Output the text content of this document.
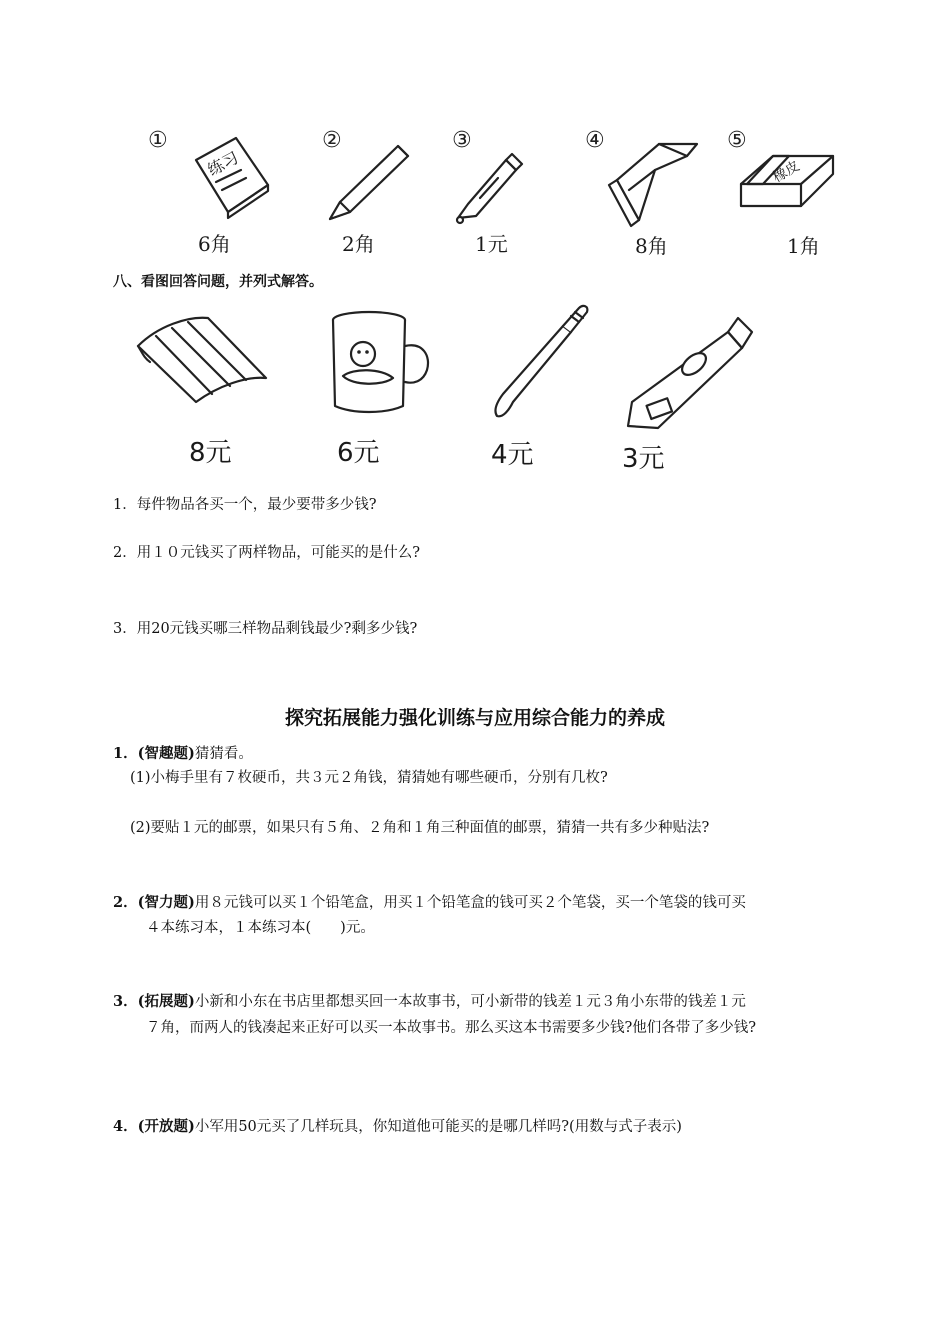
①
练习
6角
②
2角
③
1元
④
8角
⑤
橡皮
1角
八、看图回答问题，并列式解答。
8元	6元	4元	3元
1．每件物品各买一个，最少要带多少钱?
2．用１０元钱买了两样物品，可能买的是什么?
3．用20元钱买哪三样物品剩钱最少?剩多少钱?
探究拓展能力强化训练与应用综合能力的养成
1．(智趣题)猜猜看。
(1)小梅手里有７枚硬币，共３元２角钱，猜猜她有哪些硬币，分别有几枚?
(2)要贴１元的邮票，如果只有５角、２角和１角三种面值的邮票，猜猜一共有多少种贴法?
2．(智力题)用８元钱可以买１个铅笔盒，用买１个铅笔盒的钱可买２个笔袋，买一个笔袋的钱可买
４本练习本，１本练习本(　　)元。
3．(拓展题)小新和小东在书店里都想买回一本故事书，可小新带的钱差１元３角小东带的钱差１元
７角，而两人的钱凑起来正好可以买一本故事书。那么买这本书需要多少钱?他们各带了多少钱?
4．(开放题)小军用50元买了几样玩具，你知道他可能买的是哪几样吗?(用数与式子表示)
